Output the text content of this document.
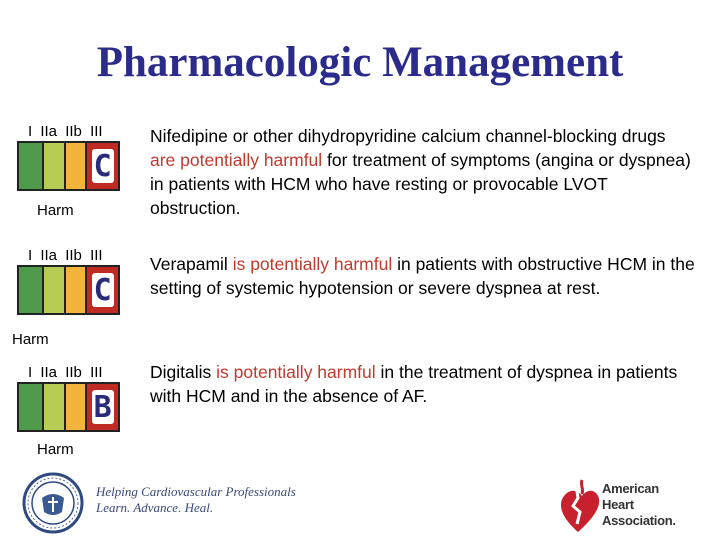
Pharmacologic Management
I IIa IIb III
C
Harm
Nifedipine or other dihydropyridine calcium channel-blocking drugs are potentially harmful for treatment of symptoms (angina or dyspnea) in patients with HCM who have resting or provocable LVOT obstruction.
I IIa IIb III
C
Harm
Verapamil is potentially harmful in patients with obstructive HCM in the setting of systemic hypotension or severe dyspnea at rest.
I IIa IIb III
B
Harm
Digitalis is potentially harmful in the treatment of dyspnea in patients with HCM and in the absence of AF.
Helping Cardiovascular Professionals
Learn. Advance. Heal.
American
Heart
Association.
